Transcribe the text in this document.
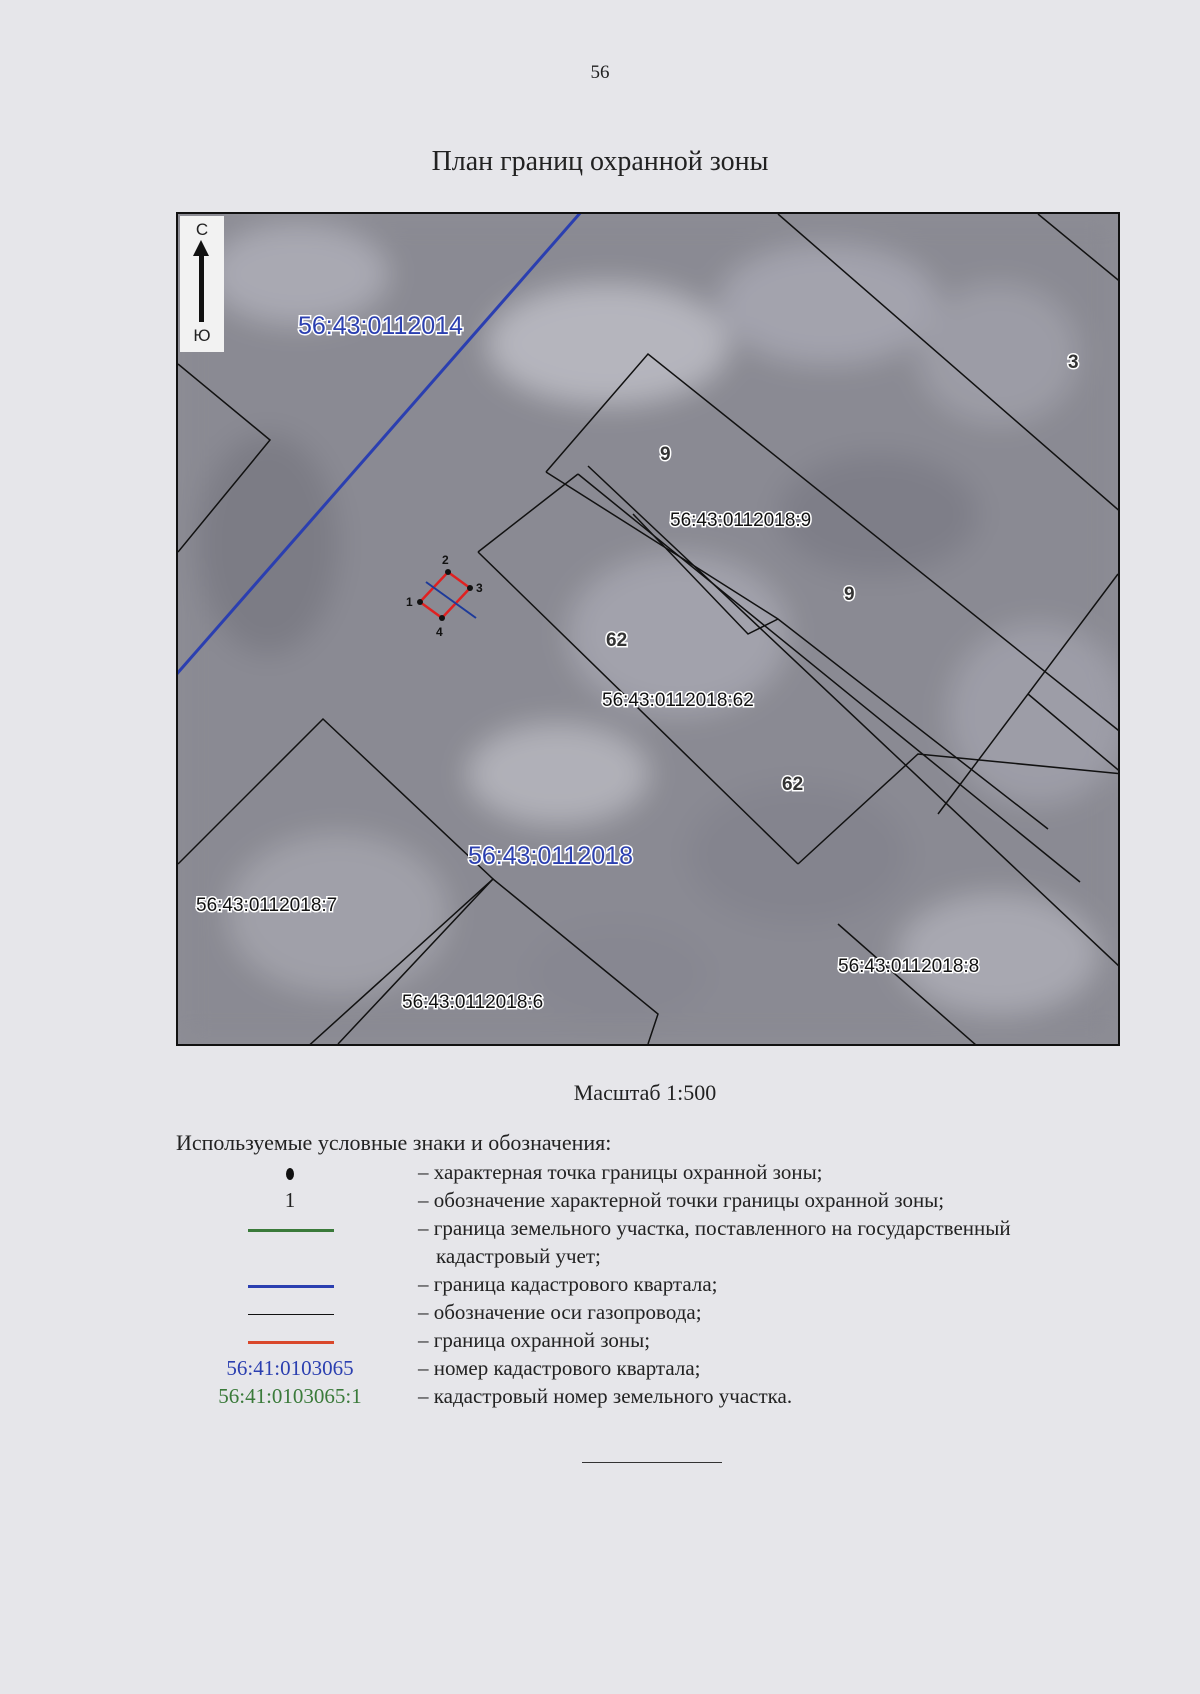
56
План границ охранной зоны
1
2
3
4
56:43:0112014
56:43:0112018
56:43:0112018:9
56:43:0112018:62
56:43:0112018:7
56:43:0112018:6
56:43:0112018:8
3
9
9
62
62
С
Ю
Масштаб 1:500
Используемые условные знаки и обозначения:
– характерная точка границы охранной зоны;
1	– обозначение характерной точки границы охранной зоны;
– граница земельного участка, поставленного на государственный
кадастровый учет;
– граница кадастрового квартала;
– обозначение оси газопровода;
– граница охранной зоны;
56:41:0103065	– номер кадастрового квартала;
56:41:0103065:1	– кадастровый номер земельного участка.
